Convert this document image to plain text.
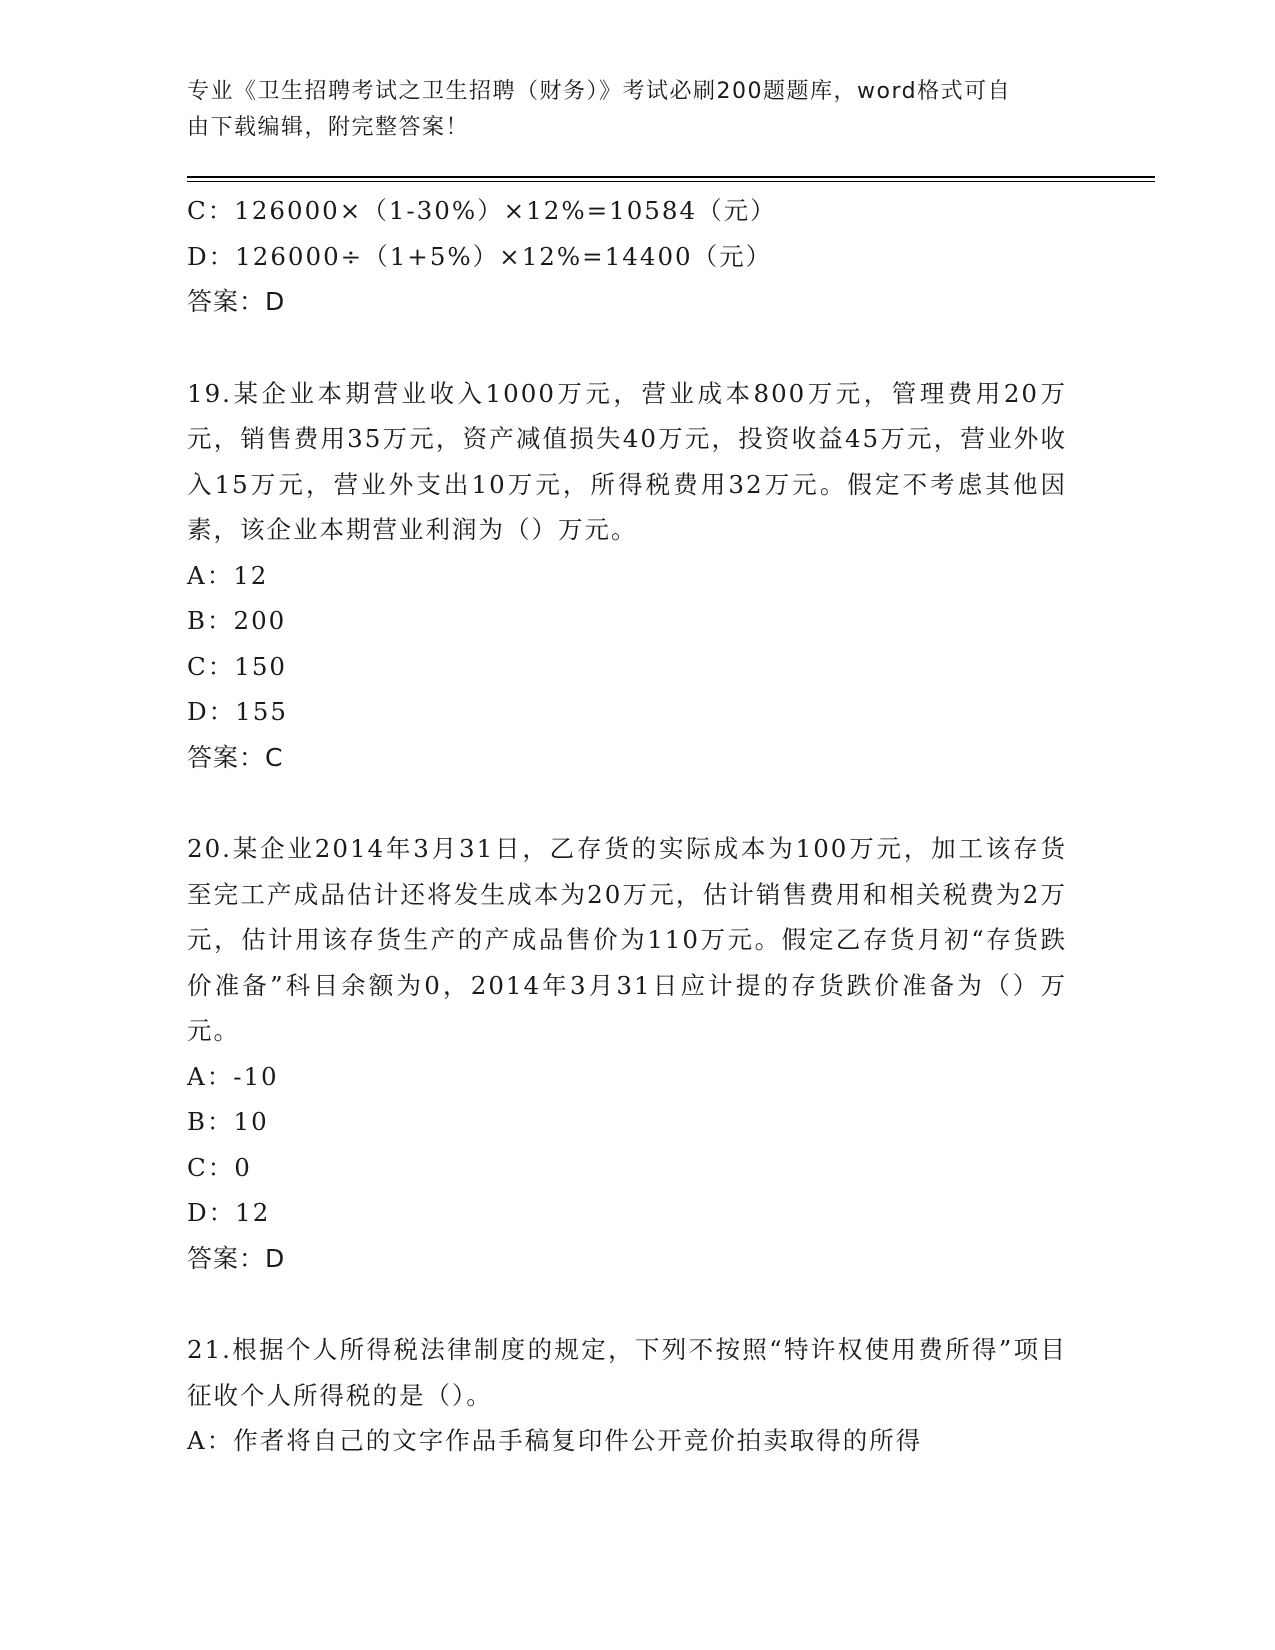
专业《卫生招聘考试之卫生招聘（财务）》考试必刷200题题库，word格式可自
由下载编辑，附完整答案！
C：126000×（1-30%）×12%=10584（元）
D：126000÷（1+5%）×12%=14400（元）
答案：D
19.某企业本期营业收入1000万元，营业成本800万元，管理费用20万元，销售费用35万元，资产减值损失40万元，投资收益45万元，营业外收入15万元，营业外支出10万元，所得税费用32万元。假定不考虑其他因素，该企业本期营业利润为（）万元。
A：12
B：200
C：150
D：155
答案：C
20.某企业2014年3月31日，乙存货的实际成本为100万元，加工该存货至完工产成品估计还将发生成本为20万元，估计销售费用和相关税费为2万元，估计用该存货生产的产成品售价为110万元。假定乙存货月初“存货跌价准备”科目余额为0，2014年3月31日应计提的存货跌价准备为（）万元。
A：-10
B：10
C：0
D：12
答案：D
21.根据个人所得税法律制度的规定，下列不按照“特许权使用费所得”项目征收个人所得税的是（）。
A：作者将自己的文字作品手稿复印件公开竞价拍卖取得的所得
